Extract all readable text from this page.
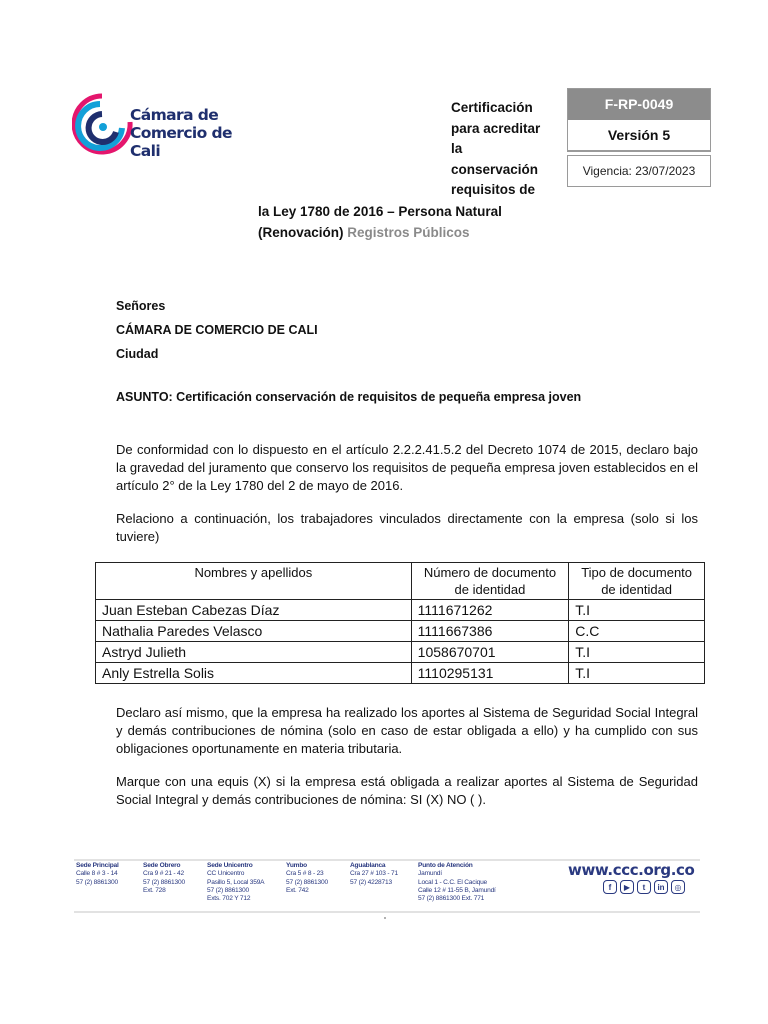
Cámara de
Comercio de
Cali
Certificación
para acreditar
la
conservación
requisitos de
la Ley 1780 de 2016 – Persona Natural
(Renovación) Registros Públicos
F-RP-0049
Versión 5
Vigencia: 23/07/2023
Señores
CÁMARA DE COMERCIO DE CALI
Ciudad
ASUNTO: Certificación conservación de requisitos de pequeña empresa joven
De conformidad con lo dispuesto en el artículo 2.2.2.41.5.2 del Decreto 1074 de 2015, declaro bajo la gravedad del juramento que conservo los requisitos de pequeña empresa joven establecidos en el artículo 2° de la Ley 1780 del 2 de mayo de 2016.
Relaciono a continuación, los trabajadores vinculados directamente con la empresa (solo si los tuviere)
Nombres y apellidos	Número de documento de identidad	Tipo de documento de identidad
Juan Esteban Cabezas Díaz	1111671262	T.I
Nathalia Paredes Velasco	1111667386	C.C
Astryd Julieth	1058670701	T.I
Anly Estrella Solis	1110295131	T.I
Declaro así mismo, que la empresa ha realizado los aportes al Sistema de Seguridad Social Integral y demás contribuciones de nómina (solo en caso de estar obligada a ello) y ha cumplido con sus obligaciones oportunamente en materia tributaria.
Marque con una equis (X) si la empresa está obligada a realizar aportes al Sistema de Seguridad Social Integral y demás contribuciones de nómina: SI (X) NO ( ).
Sede Principal
Calle 8 # 3 - 14
57 (2) 8861300
Sede Obrero
Cra 9 # 21 - 42
57 (2) 8861300
Ext. 728
Sede Unicentro
CC Unicentro
Pasillo 5, Local 359A
57 (2) 8861300
Exts. 702 Y 712
Yumbo
Cra 5 # 8 - 23
57 (2) 8861300
Ext. 742
Aguablanca
Cra 27 # 103 - 71
57 (2) 4228713
Punto de Atención
Jamundí
Local 1 - C.C. El Cacique
Calle 12 # 11-55 B, Jamundí
57 (2) 8861300 Ext. 771
www.ccc.org.co
f	▶	t	in	◎
